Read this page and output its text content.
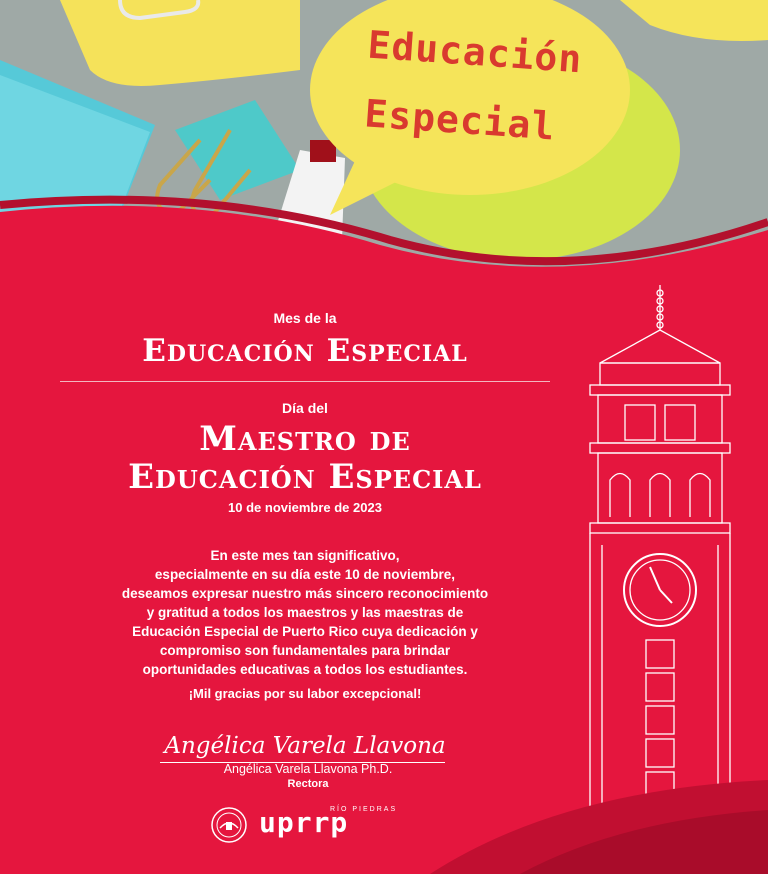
Educación
Especial
Mes de la
Educación Especial
Día del
Maestro de
Educación Especial
10 de noviembre de 2023
En este mes tan significativo,
especialmente en su día este 10 de noviembre,
deseamos expresar nuestro más sincero reconocimiento
y gratitud a todos los maestros y las maestras de
Educación Especial de Puerto Rico cuya dedicación y
compromiso son fundamentales para brindar
oportunidades educativas a todos los estudiantes.
¡Mil gracias por su labor excepcional!
Angélica Varela Llavona
Angélica Varela Llavona Ph.D.
Rectora
RÍO PIEDRAS
uprrp
